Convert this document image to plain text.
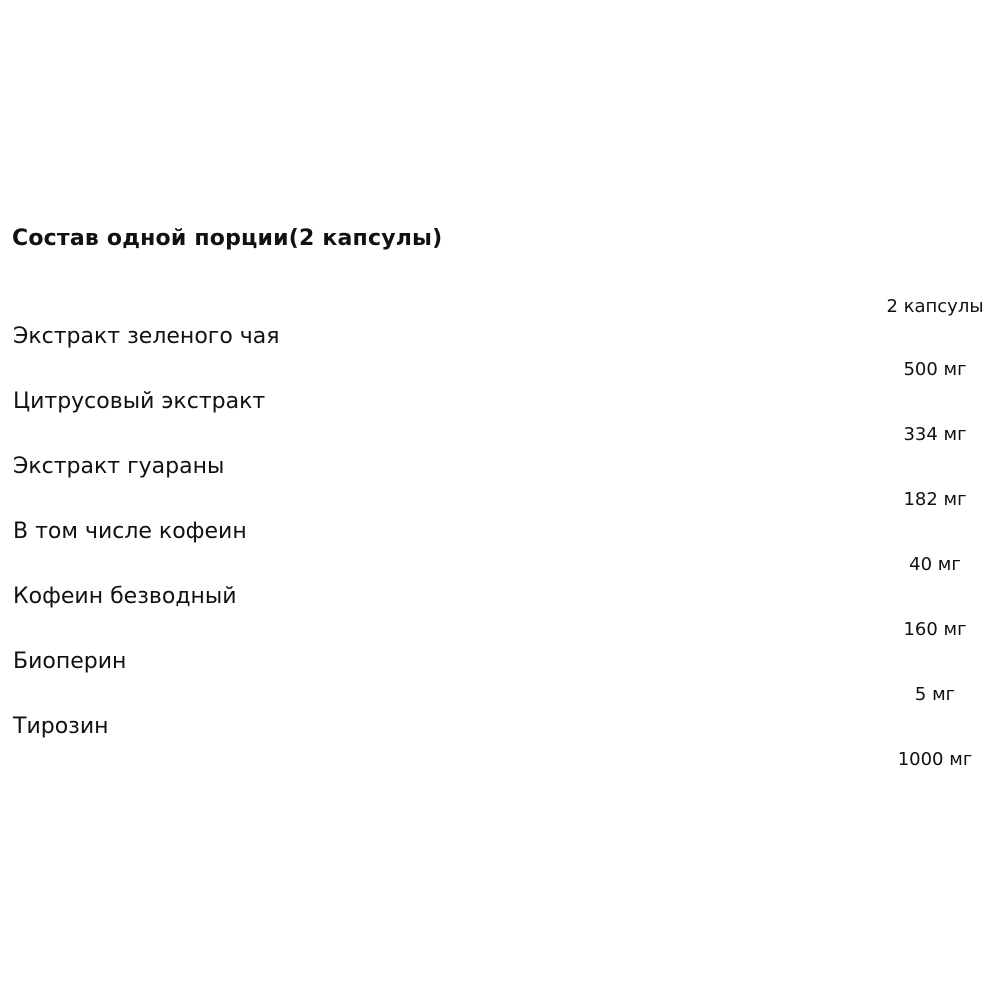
Состав одной порции(2 капсулы)
2 капсулы
Экстракт зеленого чая
500 мг
Цитрусовый экстракт
334 мг
Экстракт гуараны
182 мг
В том числе кофеин
40 мг
Кофеин безводный
160 мг
Биоперин
5 мг
Тирозин
1000 мг
